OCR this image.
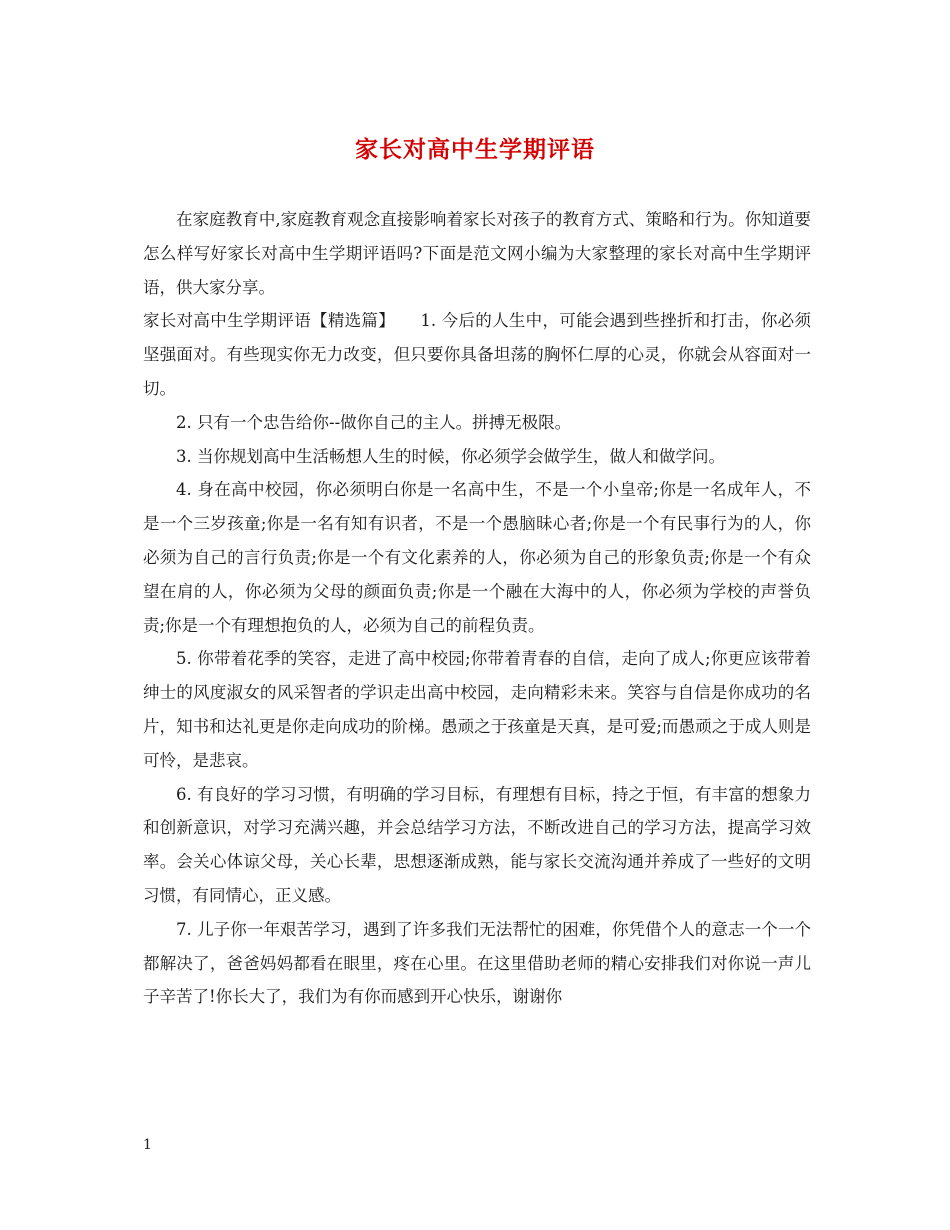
家长对高中生学期评语

在家庭教育中,家庭教育观念直接影响着家长对孩子的教育方式、策略和行为。你知道要怎么样写好家长对高中生学期评语吗?下面是范文网小编为大家整理的家长对高中生学期评语，供大家分享。

家长对高中生学期评语【精选篇】　　1. 今后的人生中，可能会遇到些挫折和打击，你必须坚强面对。有些现实你无力改变，但只要你具备坦荡的胸怀仁厚的心灵，你就会从容面对一切。

2. 只有一个忠告给你--做你自己的主人。拼搏无极限。

3. 当你规划高中生活畅想人生的时候，你必须学会做学生，做人和做学问。

4. 身在高中校园，你必须明白你是一名高中生，不是一个小皇帝;你是一名成年人，不是一个三岁孩童;你是一名有知有识者，不是一个愚脑昧心者;你是一个有民事行为的人，你必须为自己的言行负责;你是一个有文化素养的人，你必须为自己的形象负责;你是一个有众望在肩的人，你必须为父母的颜面负责;你是一个融在大海中的人，你必须为学校的声誉负责;你是一个有理想抱负的人，必须为自己的前程负责。

5. 你带着花季的笑容，走进了高中校园;你带着青春的自信，走向了成人;你更应该带着绅士的风度淑女的风采智者的学识走出高中校园，走向精彩未来。笑容与自信是你成功的名片，知书和达礼更是你走向成功的阶梯。愚顽之于孩童是天真，是可爱;而愚顽之于成人则是可怜，是悲哀。

6. 有良好的学习习惯，有明确的学习目标，有理想有目标，持之于恒，有丰富的想象力和创新意识，对学习充满兴趣，并会总结学习方法，不断改进自己的学习方法，提高学习效率。会关心体谅父母，关心长辈，思想逐渐成熟，能与家长交流沟通并养成了一些好的文明习惯，有同情心，正义感。

7. 儿子你一年艰苦学习，遇到了许多我们无法帮忙的困难，你凭借个人的意志一个一个都解决了，爸爸妈妈都看在眼里，疼在心里。在这里借助老师的精心安排我们对你说一声儿子辛苦了!你长大了，我们为有你而感到开心快乐，谢谢你

1
